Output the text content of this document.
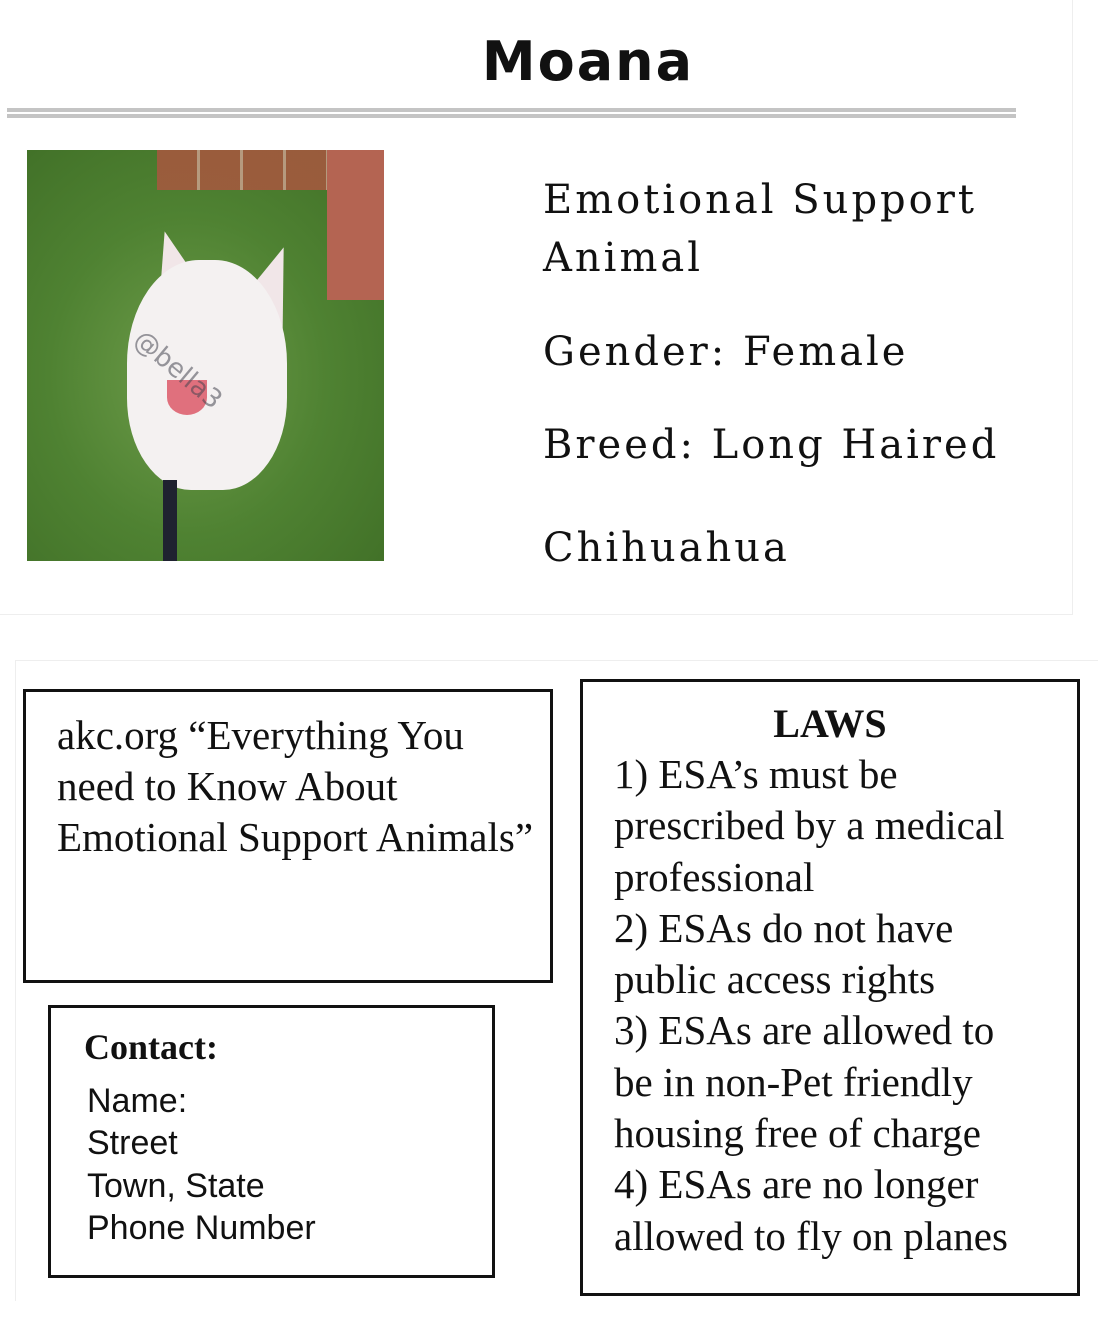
Moana
@bella3
Emotional Support
Animal
Gender: Female
Breed: Long Haired
Chihuahua
akc.org “Everything You need to Know About Emotional Support Animals”
Contact:
Name:
Street
Town, State
Phone Number
LAWS
1) ESA’s must be
prescribed by a medical
professional
2) ESAs do not have
public access rights
3) ESAs are allowed to
be in non-Pet friendly
housing free of charge
4) ESAs are no longer
allowed to fly on planes
